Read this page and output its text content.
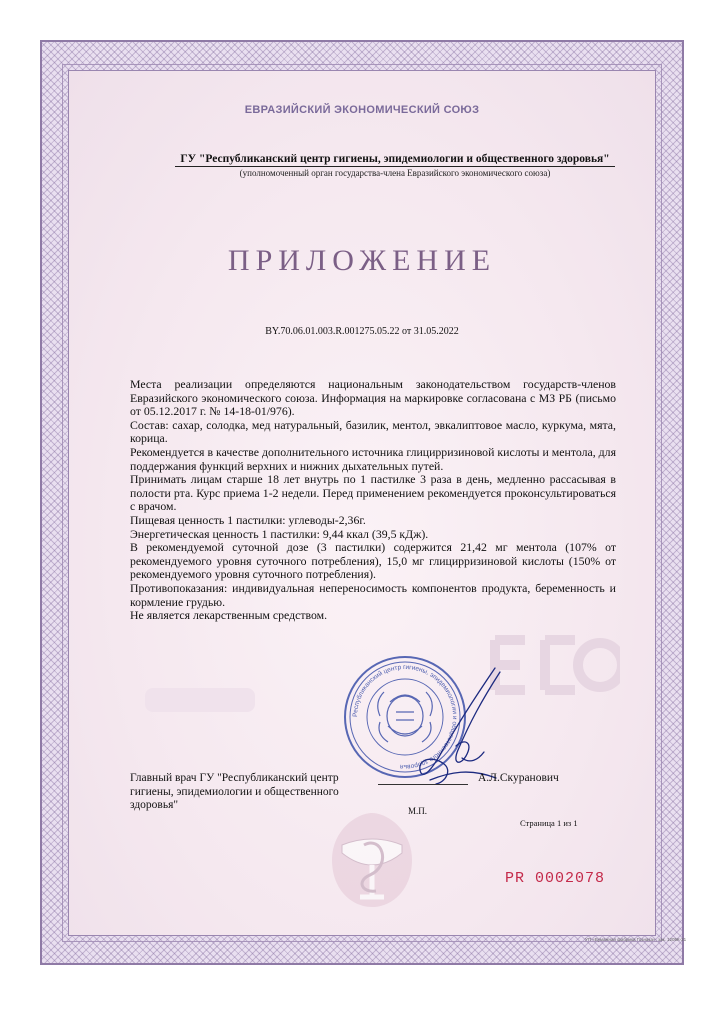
ЕВРАЗИЙСКИЙ ЭКОНОМИЧЕСКИЙ СОЮЗ
ГУ "Республиканский центр гигиены, эпидемиологии и общественного здоровья"
(уполномоченный орган государства-члена Евразийского экономического союза)
ПРИЛОЖЕНИЕ
BY.70.06.01.003.R.001275.05.22 от 31.05.2022

Места реализации определяются национальным законодательством государств-членов Евразийского экономического союза. Информация на маркировке согласована с МЗ РБ (письмо от 05.12.2017 г. № 14-18-01/976).

Состав: сахар, солодка, мед натуральный, базилик, ментол, эвкалиптовое масло, куркума, мята, корица.

Рекомендуется в качестве дополнительного источника глицирризиновой кислоты и ментола, для поддержания функций верхних и нижних дыхательных путей.

Принимать лицам старше 18 лет внутрь по 1 пастилке 3 раза в день, медленно рассасывая в полости рта. Курс приема 1-2 недели. Перед применением рекомендуется проконсультироваться с врачом.

Пищевая ценность 1 пастилки: углеводы-2,36г.

Энергетическая ценность 1 пастилки: 9,44 ккал (39,5 кДж).

В рекомендуемой суточной дозе (3 пастилки) содержится 21,42 мг ментола (107% от рекомендуемого уровня суточного потребления), 15,0 мг глицирризиновой кислоты (150% от рекомендуемого уровня суточного потребления).

Противопоказания: индивидуальная непереносимость компонентов продукта, беременность и кормление грудью.

Не является лекарственным средством.

Республиканский центр гигиены, эпидемиологии и общественного здоровья
Главный врач ГУ "Республиканский центр гигиены, эпидемиологии и общественного здоровья"
А.Л.Скуранович
М.П.
Страница 1 из 1
PR 0002078
УП «Бумажная фабрика Гознака», зак. 1205К-21
